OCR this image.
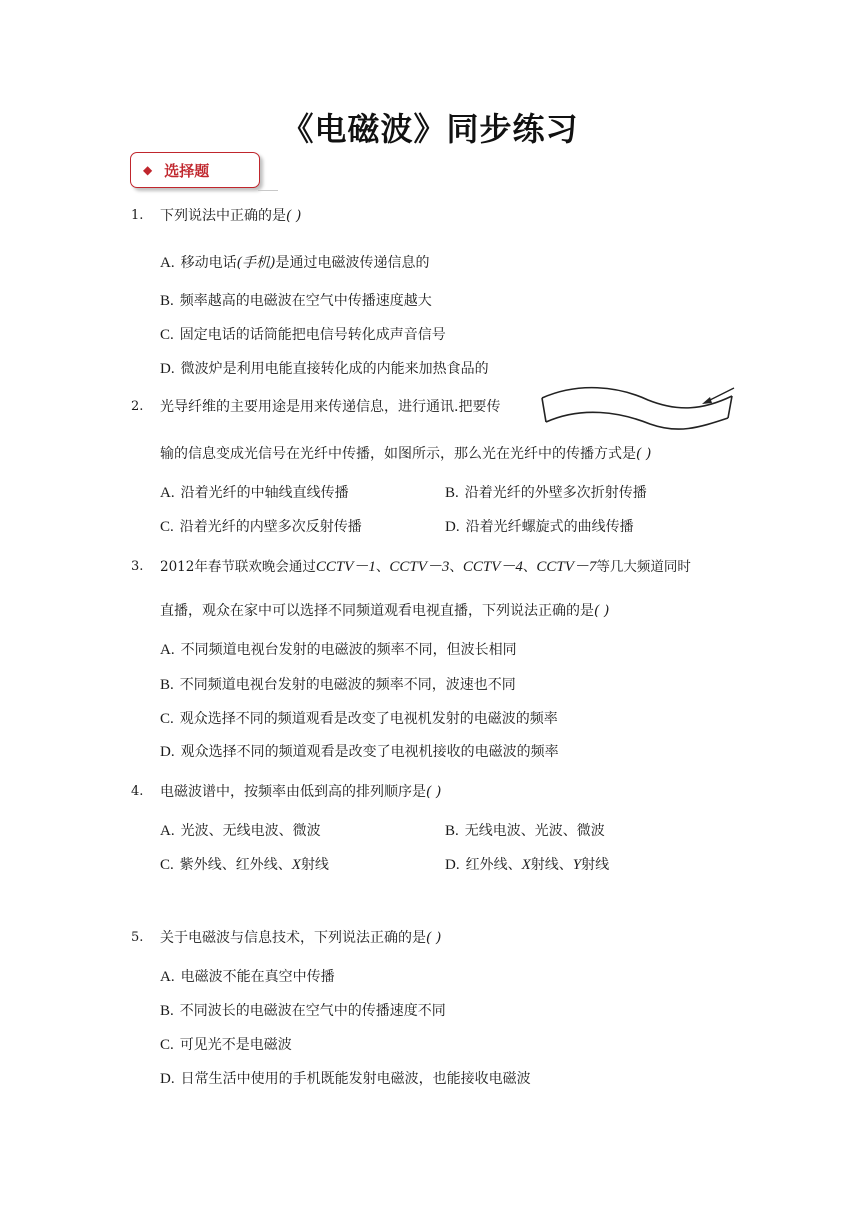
《电磁波》同步练习
◆ 选择题
1. 下列说法中正确的是( )
A. 移动电话(手机)是通过电磁波传递信息的
B. 频率越高的电磁波在空气中传播速度越大
C. 固定电话的话筒能把电信号转化成声音信号
D. 微波炉是利用电能直接转化成的内能来加热食品的
2. 光导纤维的主要用途是用来传递信息，进行通讯.把要传
输的信息变成光信号在光纤中传播，如图所示，那么光在光纤中的传播方式是( )
A. 沿着光纤的中轴线直线传播	B. 沿着光纤的外壁多次折射传播
C. 沿着光纤的内壁多次反射传播	D. 沿着光纤螺旋式的曲线传播
3. 2012年春节联欢晚会通过CCTV－1、CCTV－3、CCTV－4、CCTV－7等几大频道同时
直播，观众在家中可以选择不同频道观看电视直播，下列说法正确的是( )
A. 不同频道电视台发射的电磁波的频率不同，但波长相同
B. 不同频道电视台发射的电磁波的频率不同，波速也不同
C. 观众选择不同的频道观看是改变了电视机发射的电磁波的频率
D. 观众选择不同的频道观看是改变了电视机接收的电磁波的频率
4. 电磁波谱中，按频率由低到高的排列顺序是( )
A. 光波、无线电波、微波	B. 无线电波、光波、微波
C. 紫外线、红外线、X射线	D. 红外线、X射线、Y射线
5. 关于电磁波与信息技术，下列说法正确的是( )
A. 电磁波不能在真空中传播
B. 不同波长的电磁波在空气中的传播速度不同
C. 可见光不是电磁波
D. 日常生活中使用的手机既能发射电磁波，也能接收电磁波
